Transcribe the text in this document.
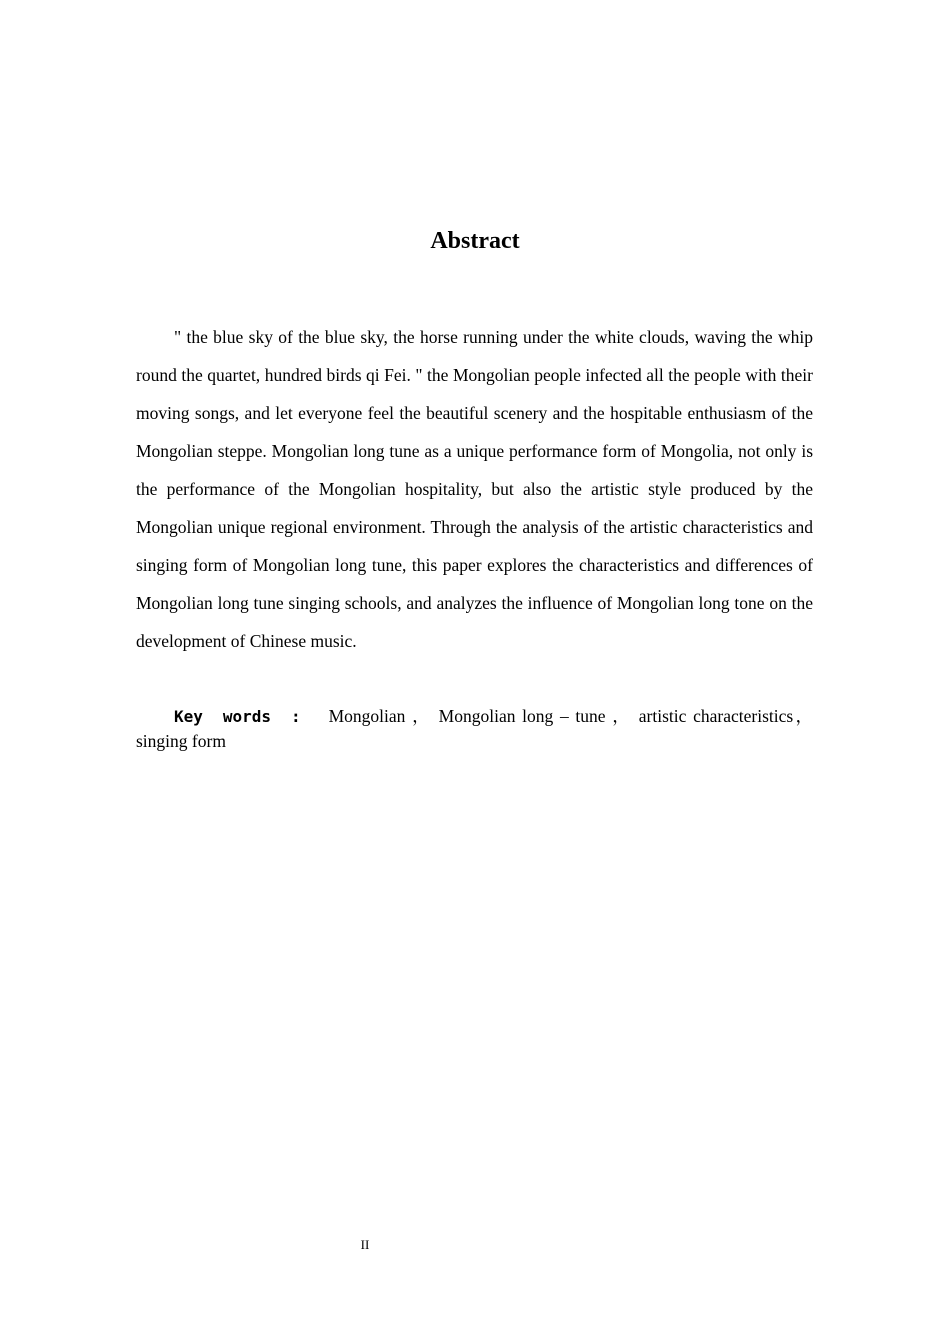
Abstract

" the blue sky of the blue sky, the horse running under the white clouds, waving the whip round the quartet, hundred birds qi Fei. " the Mongolian people infected all the people with their moving songs, and let everyone feel the beautiful scenery and the hospitable enthusiasm of the Mongolian steppe. Mongolian long tune as a unique performance form of Mongolia, not only is the performance of the Mongolian hospitality, but also the artistic style produced by the Mongolian unique regional environment. Through the analysis of the artistic characteristics and singing form of Mongolian long tune, this paper explores the characteristics and differences of Mongolian long tune singing schools, and analyzes the influence of Mongolian long tone on the development of Chinese music.

Key words : Mongolian ， Mongolian long – tune ， artistic characteristics，singing form

II
